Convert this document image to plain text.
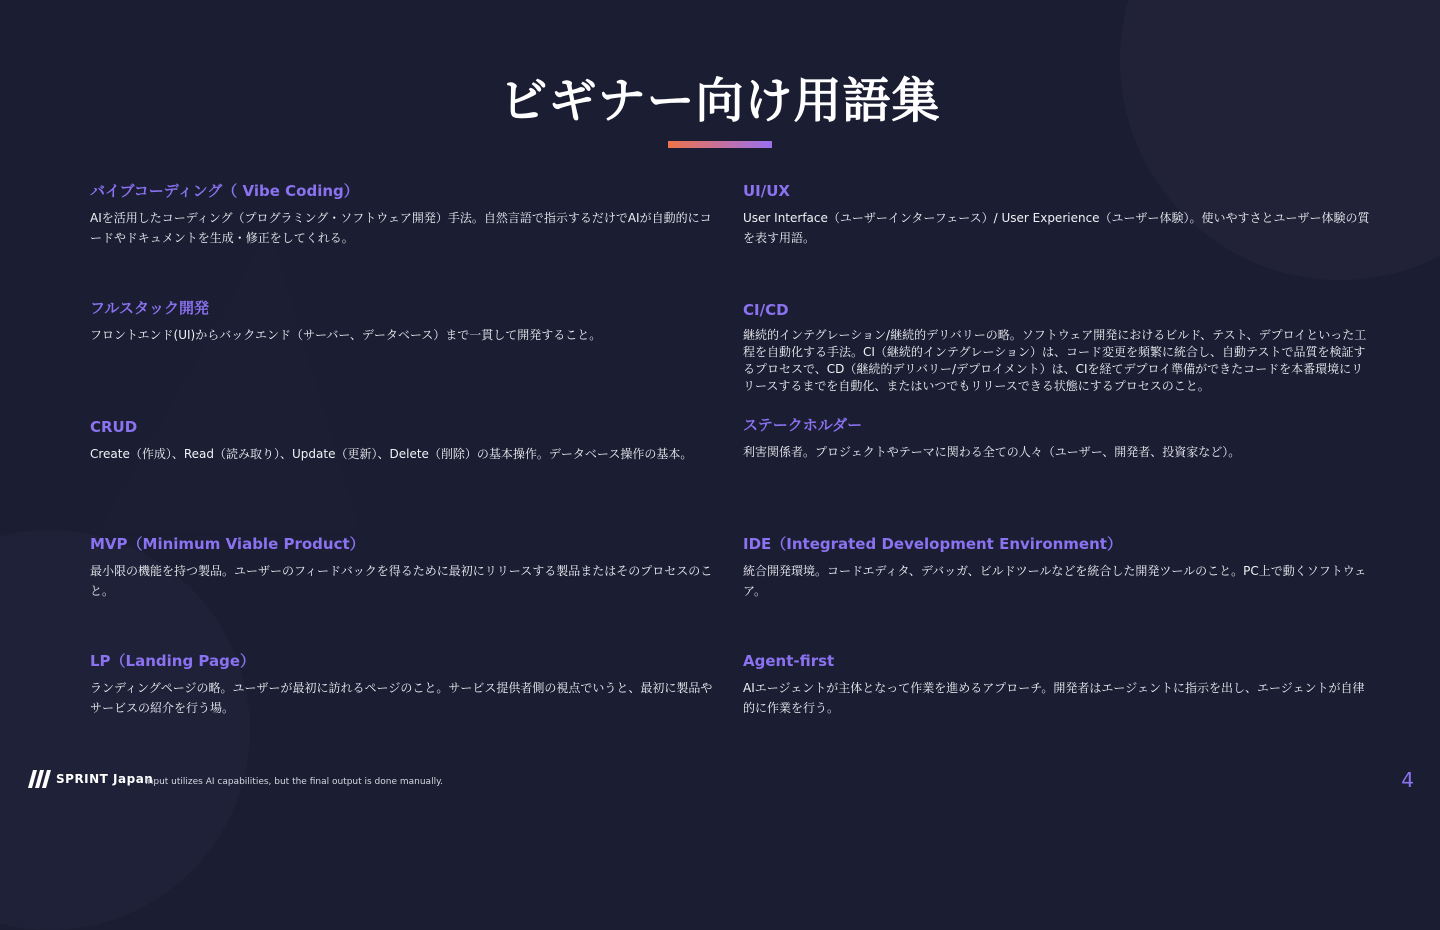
ビギナー向け用語集
バイブコーディング（ Vibe Coding）

AIを活用したコーディング（プログラミング・ソフトウェア開発）手法。自然言語で指示するだけでAIが自動的にコードやドキュメントを生成・修正をしてくれる。

フルスタック開発

フロントエンド(UI)からバックエンド（サーバー、データベース）まで一貫して開発すること。

CRUD

Create（作成）、Read（読み取り）、Update（更新）、Delete（削除）の基本操作。データベース操作の基本。

MVP（Minimum Viable Product）

最小限の機能を持つ製品。ユーザーのフィードバックを得るために最初にリリースする製品またはそのプロセスのこと。

LP（Landing Page）

ランディングページの略。ユーザーが最初に訪れるページのこと。サービス提供者側の視点でいうと、最初に製品やサービスの紹介を行う場。

UI/UX

User Interface（ユーザーインターフェース）/ User Experience（ユーザー体験）。使いやすさとユーザー体験の質を表す用語。

CI/CD

継続的インテグレーション/継続的デリバリーの略。ソフトウェア開発におけるビルド、テスト、デプロイといった工程を自動化する手法。CI（継続的インテグレーション）は、コード変更を頻繁に統合し、自動テストで品質を検証するプロセスで、CD（継続的デリバリー/デプロイメント）は、CIを経てデプロイ準備ができたコードを本番環境にリリースするまでを自動化、またはいつでもリリースできる状態にするプロセスのこと。

ステークホルダー

利害関係者。プロジェクトやテーマに関わる全ての人々（ユーザー、開発者、投資家など）。

IDE（Integrated Development Environment）

統合開発環境。コードエディタ、デバッガ、ビルドツールなどを統合した開発ツールのこと。PC上で動くソフトウェア。

Agent-first

AIエージェントが主体となって作業を進めるアプローチ。開発者はエージェントに指示を出し、エージェントが自律的に作業を行う。

SPRINT Japan
Input utilizes AI capabilities, but the final output is done manually.	4
